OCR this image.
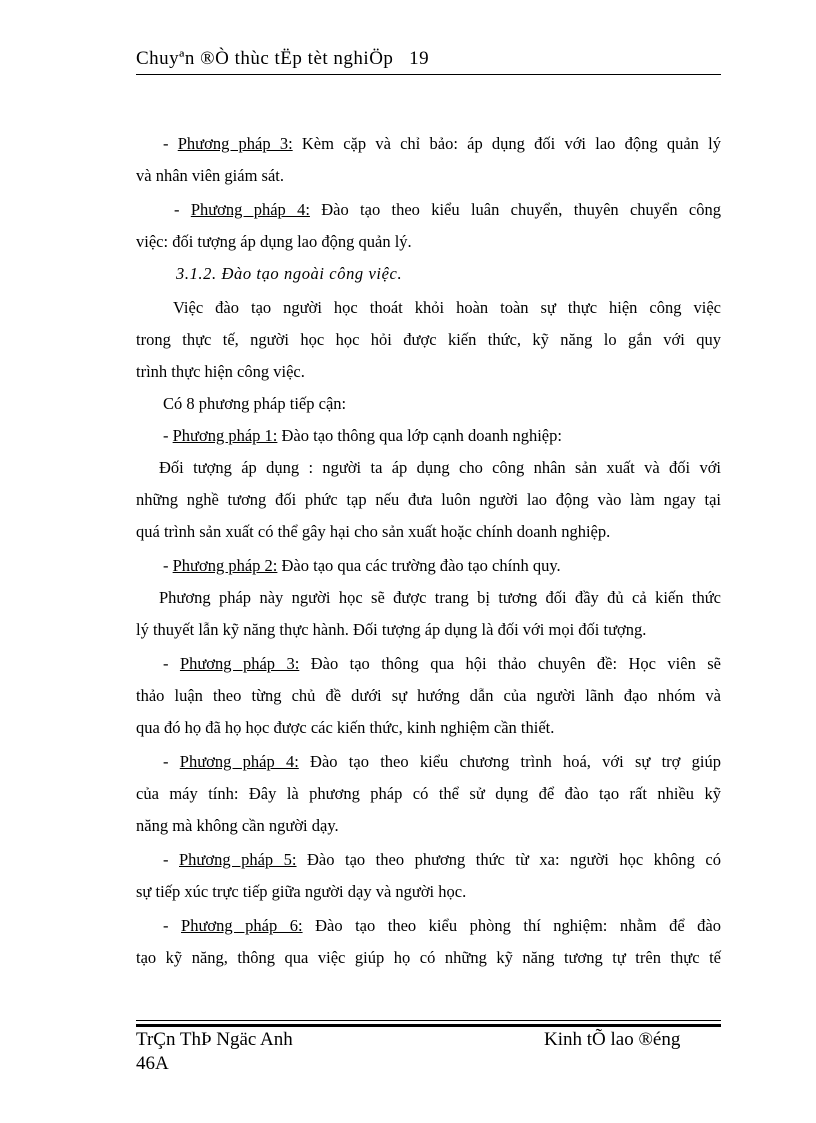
Chuyªn ®Ò thùc tËp tèt nghiÖp 19
- Phương pháp 3: Kèm cặp và chỉ bảo: áp dụng đối với lao động quản lý
và nhân viên giám sát.
- Phương pháp 4: Đào tạo theo kiểu luân chuyển, thuyên chuyển công
việc: đối tượng áp dụng lao động quản lý.
3.1.2. Đào tạo ngoài công việc.
Việc đào tạo người học thoát khỏi hoàn toàn sự thực hiện công việc
trong thực tế, người học học hỏi được kiến thức, kỹ năng lo gắn với quy
trình thực hiện công việc.
Có 8 phương pháp tiếp cận:
- Phương pháp 1: Đào tạo thông qua lớp cạnh doanh nghiệp:
Đối tượng áp dụng : người ta áp dụng cho công nhân sản xuất và đối với
những nghề tương đối phức tạp nếu đưa luôn người lao động vào làm ngay tại
quá trình sản xuất có thể gây hại cho sản xuất hoặc chính doanh nghiệp.
- Phương pháp 2: Đào tạo qua các trường đào tạo chính quy.
Phương pháp này người học sẽ được trang bị tương đối đầy đủ cả kiến thức
lý thuyết lẫn kỹ năng thực hành. Đối tượng áp dụng là đối với mọi đối tượng.
- Phương pháp 3: Đào tạo thông qua hội thảo chuyên đề: Học viên sẽ
thảo luận theo từng chủ đề dưới sự hướng dẫn của người lãnh đạo nhóm và
qua đó họ đã họ học được các kiến thức, kinh nghiệm cần thiết.
- Phương pháp 4: Đào tạo theo kiểu chương trình hoá, với sự trợ giúp
của máy tính: Đây là phương pháp có thể sử dụng để đào tạo rất nhiều kỹ
năng mà không cần người dạy.
- Phương pháp 5: Đào tạo theo phương thức từ xa: người học không có
sự tiếp xúc trực tiếp giữa người dạy và người học.
- Phương pháp 6: Đào tạo theo kiểu phòng thí nghiệm: nhằm để đào
tạo kỹ năng, thông qua việc giúp họ có những kỹ năng tương tự trên thực tế
TrÇn ThÞ Ngäc Anh
46A
Kinh tÕ lao ®éng
